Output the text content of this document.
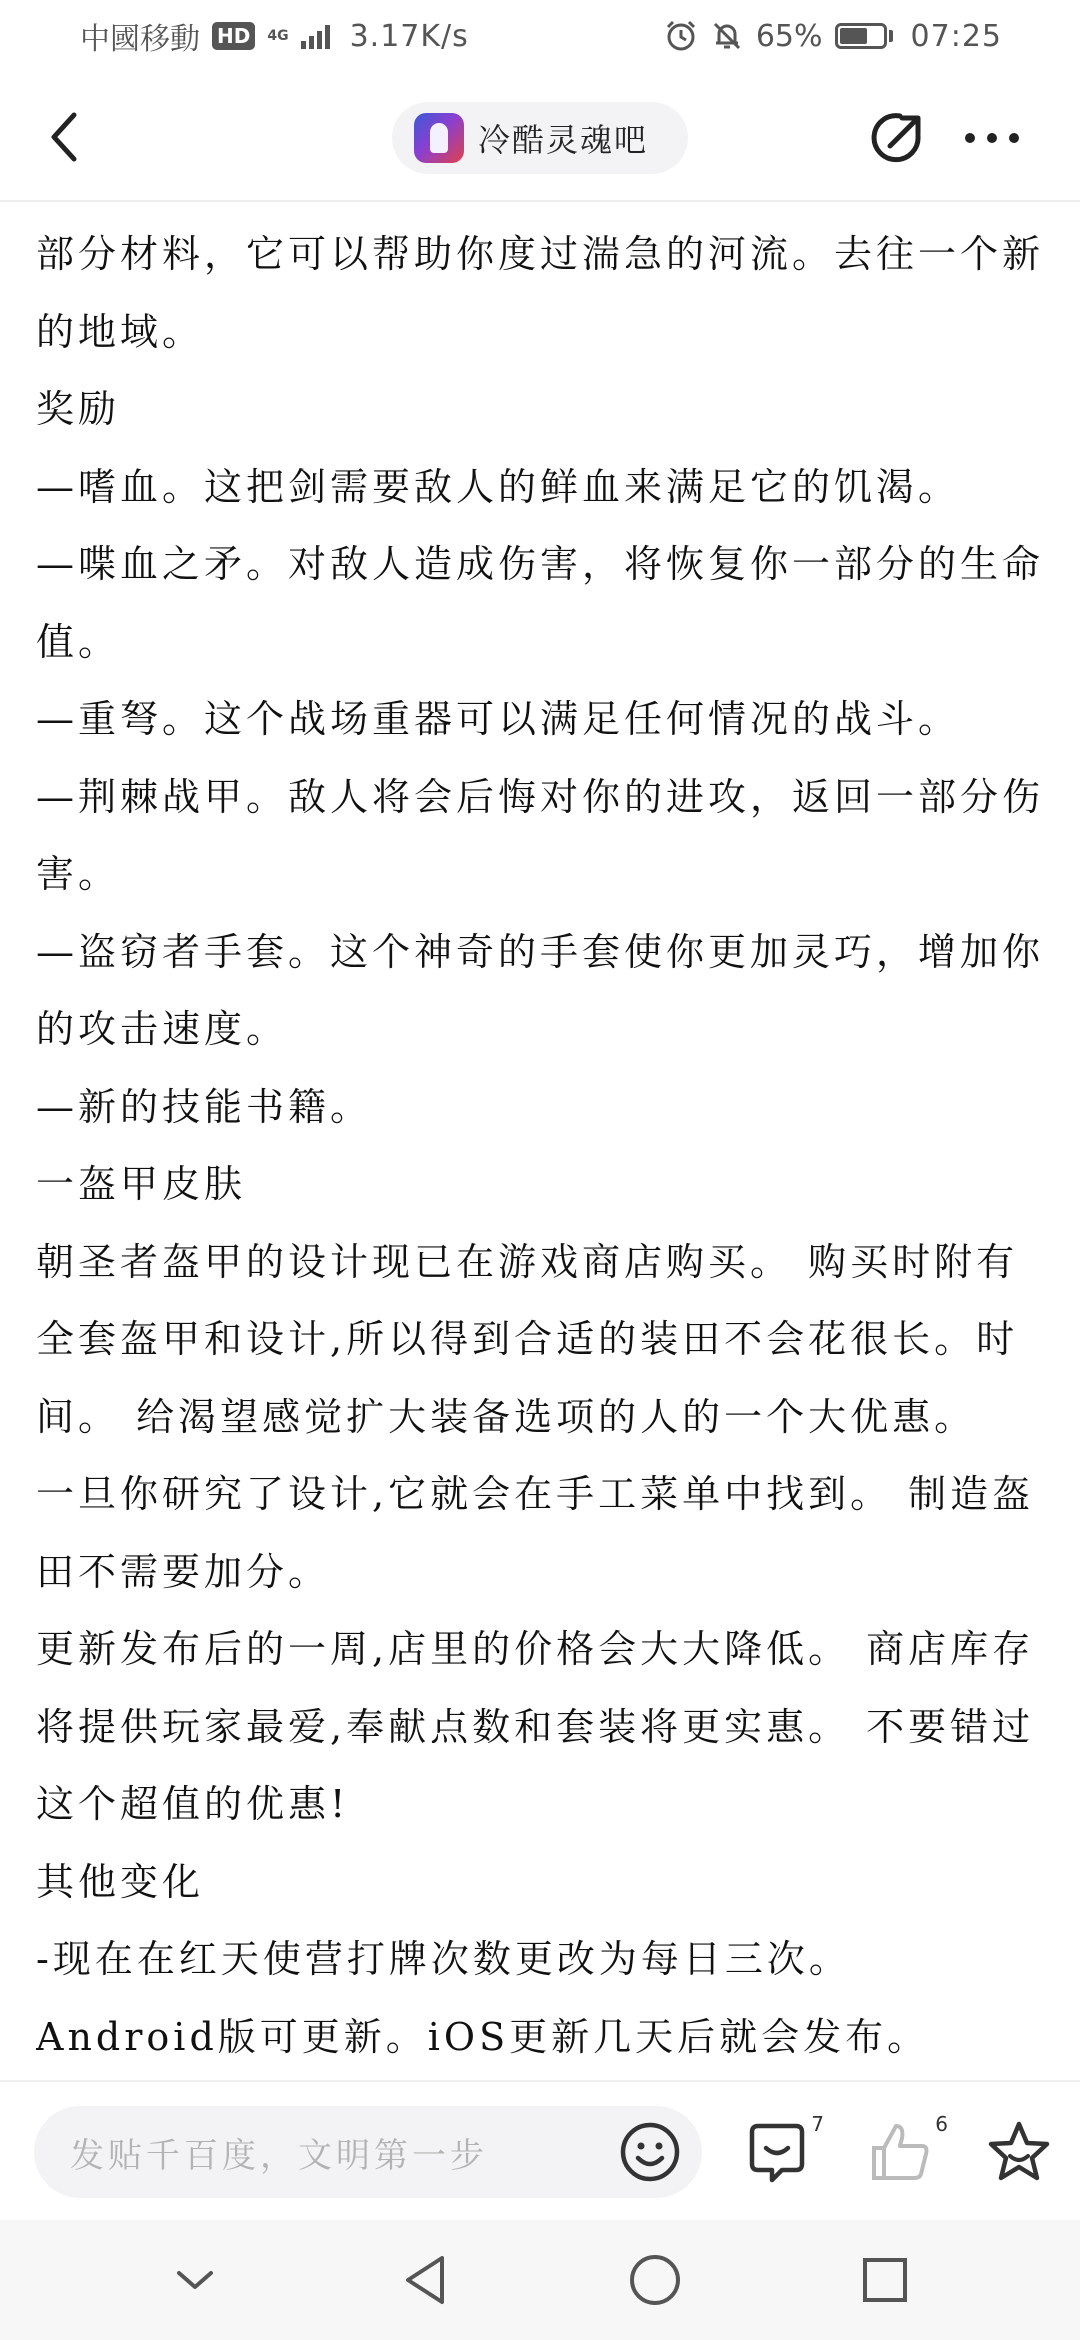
中國移動 HD	4G 3.17K/s	65%	07:25
冷酷灵魂吧

部分材料，它可以帮助你度过湍急的河流。去往一个新的地域。

奖励

—嗜血。这把剑需要敌人的鲜血来满足它的饥渴。

—喋血之矛。对敌人造成伤害，将恢复你一部分的生命值。

—重弩。这个战场重器可以满足任何情况的战斗。

—荆棘战甲。敌人将会后悔对你的进攻，返回一部分伤害。

—盗窃者手套。这个神奇的手套使你更加灵巧，增加你的攻击速度。

—新的技能书籍。

一盔甲皮肤

朝圣者盔甲的设计现已在游戏商店购买。 购买时附有全套盔甲和设计,所以得到合适的装田不会花很长。时间。 给渴望感觉扩大装备选项的人的一个大优惠。

一旦你研究了设计,它就会在手工菜单中找到。 制造盔田不需要加分。

更新发布后的一周,店里的价格会大大降低。 商店库存将提供玩家最爱,奉献点数和套装将更实惠。 不要错过这个超值的优惠!

其他变化

-现在在红天使营打牌次数更改为每日三次。

Android版可更新。iOS更新几天后就会发布。

发贴千百度，文明第一步
7	6
